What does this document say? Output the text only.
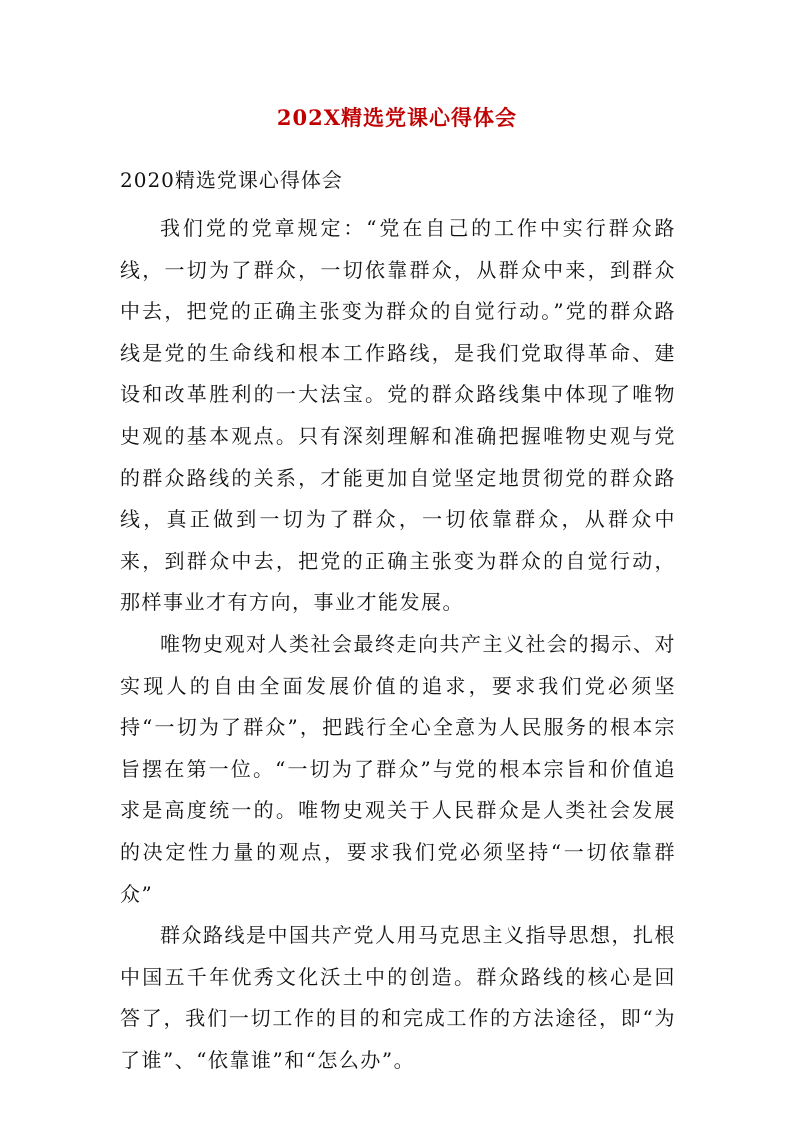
202X精选党课心得体会
2020精选党课心得体会

我们党的党章规定：“党在自己的工作中实行群众路线，一切为了群众，一切依靠群众，从群众中来，到群众中去，把党的正确主张变为群众的自觉行动。”党的群众路线是党的生命线和根本工作路线，是我们党取得革命、建设和改革胜利的一大法宝。党的群众路线集中体现了唯物史观的基本观点。只有深刻理解和准确把握唯物史观与党的群众路线的关系，才能更加自觉坚定地贯彻党的群众路线，真正做到一切为了群众，一切依靠群众，从群众中来，到群众中去，把党的正确主张变为群众的自觉行动，那样事业才有方向，事业才能发展。

唯物史观对人类社会最终走向共产主义社会的揭示、对实现人的自由全面发展价值的追求，要求我们党必须坚持“一切为了群众”，把践行全心全意为人民服务的根本宗旨摆在第一位。“一切为了群众”与党的根本宗旨和价值追求是高度统一的。唯物史观关于人民群众是人类社会发展的决定性力量的观点，要求我们党必须坚持“一切依靠群众”

群众路线是中国共产党人用马克思主义指导思想，扎根中国五千年优秀文化沃土中的创造。群众路线的核心是回答了，我们一切工作的目的和完成工作的方法途径，即“为了谁”、“依靠谁”和“怎么办”。
